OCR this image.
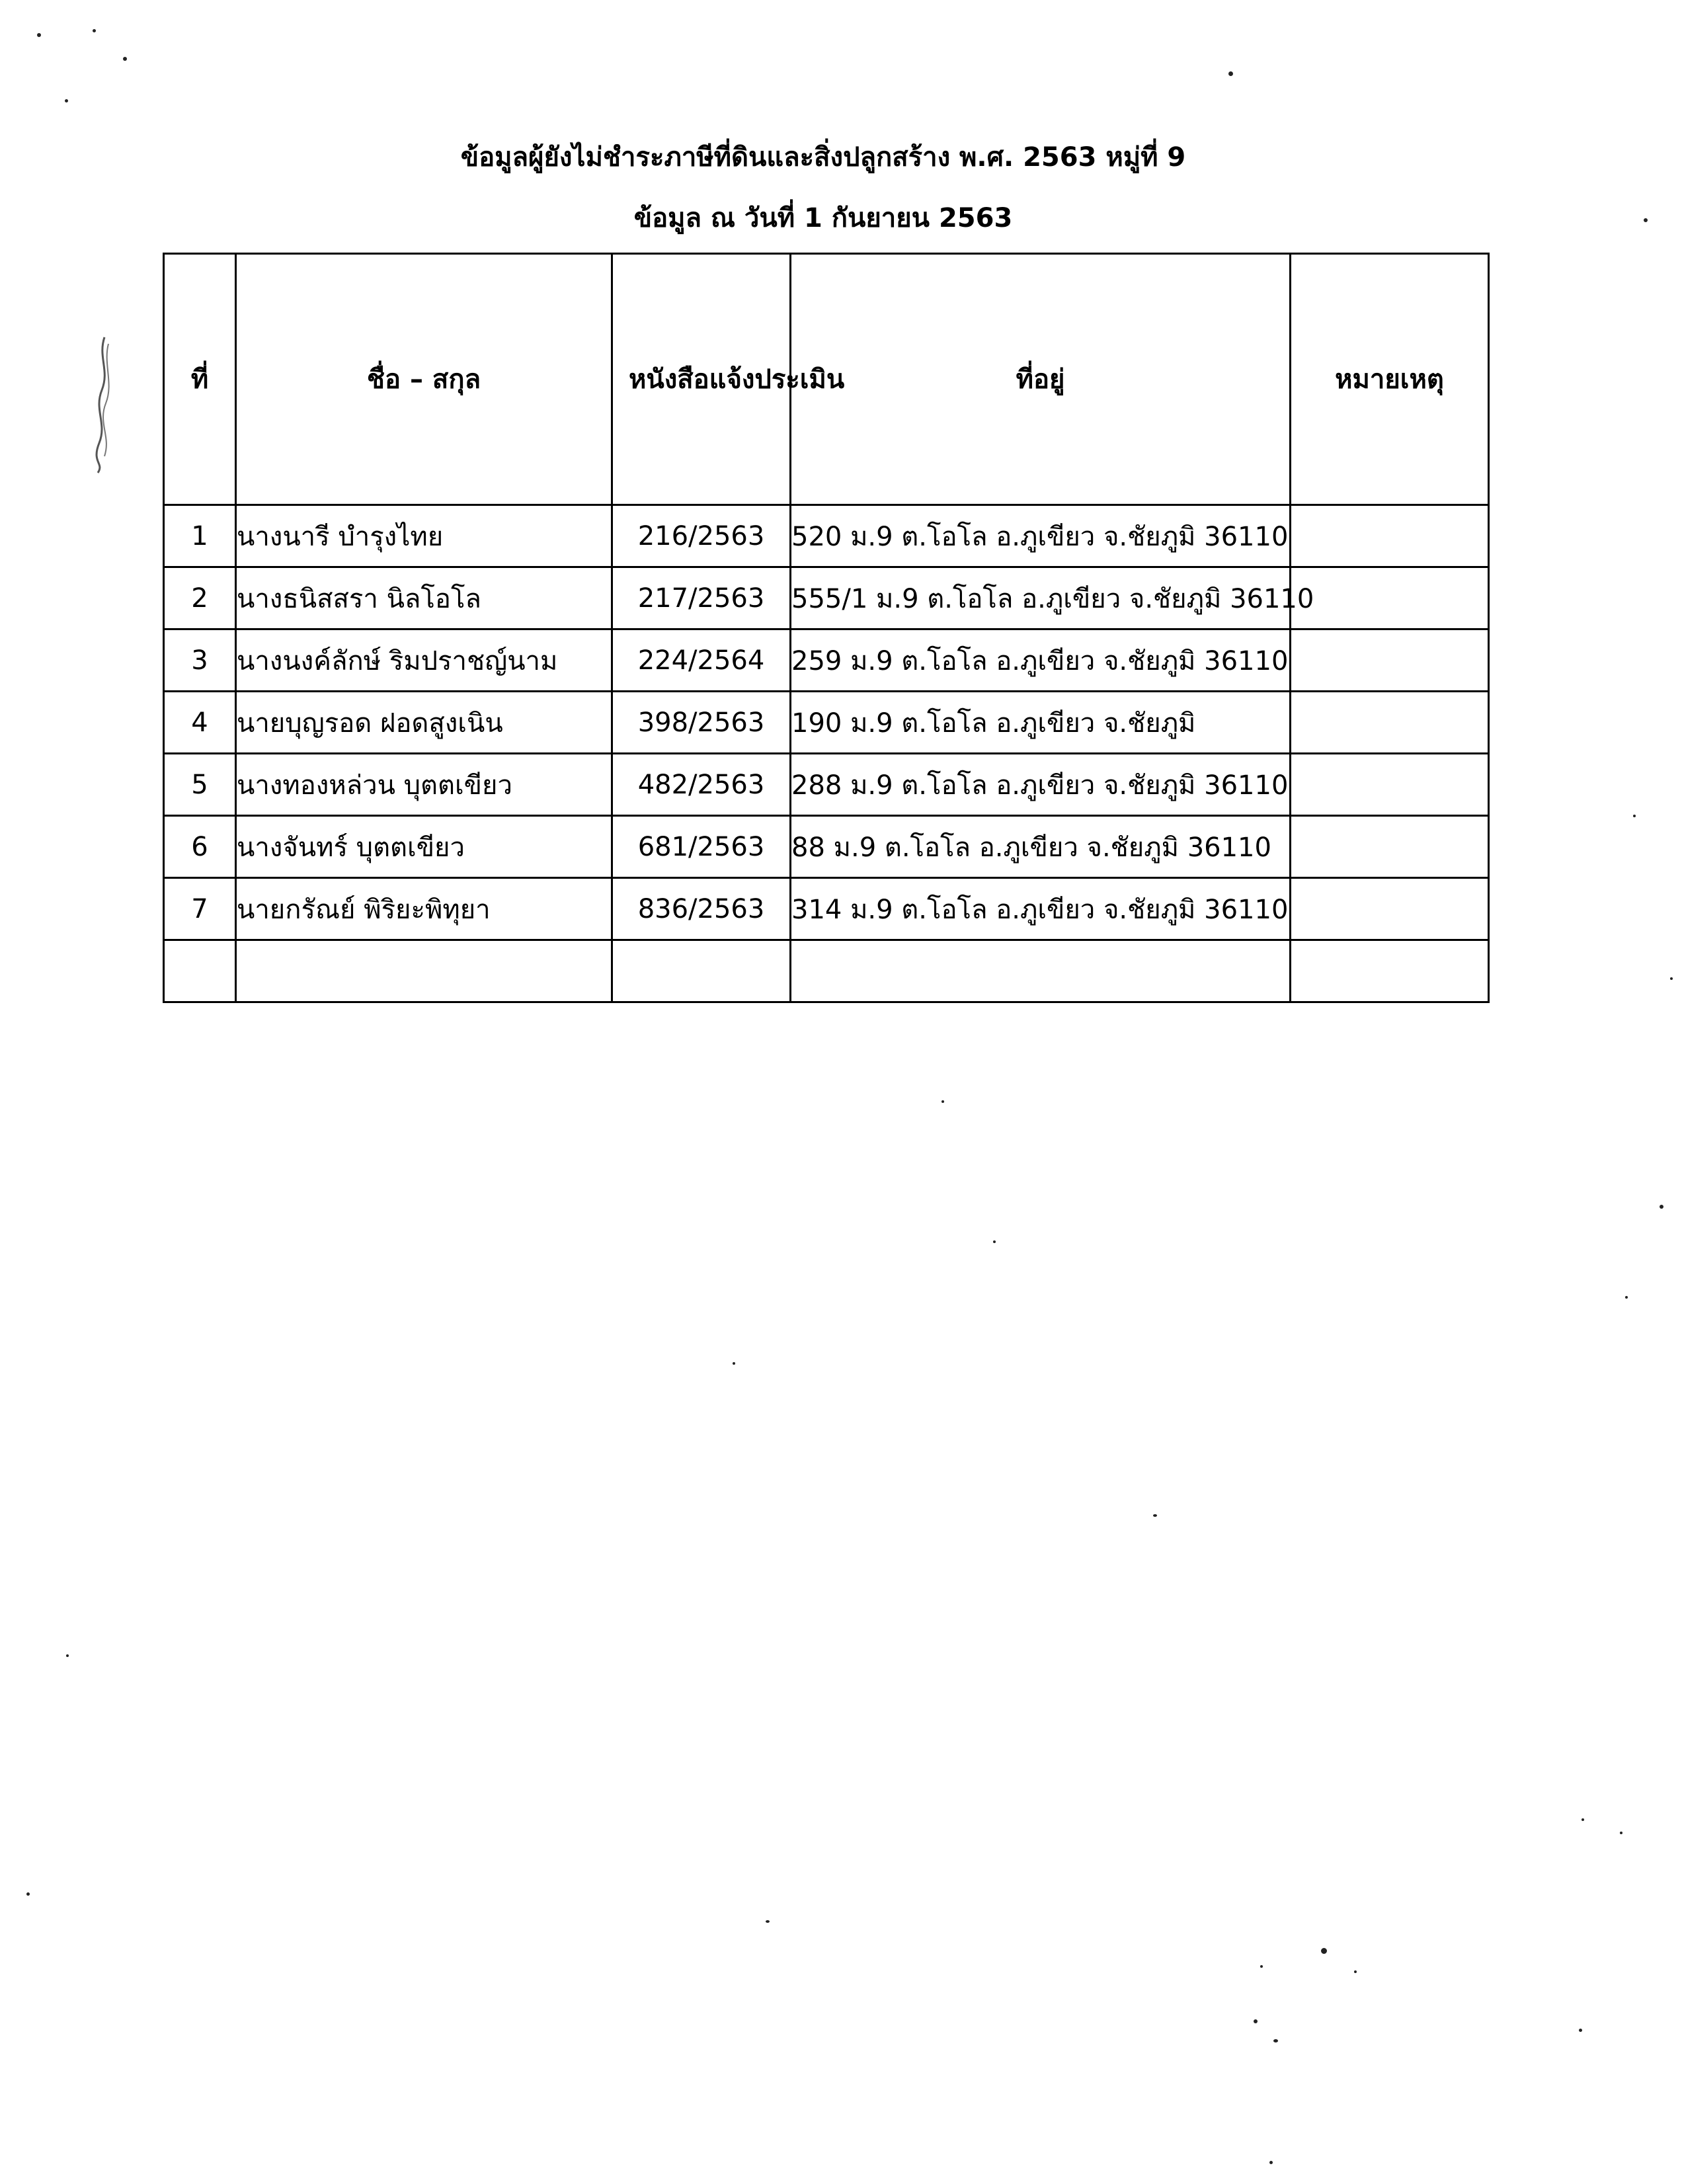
ข้อมูลผู้ยังไม่ชำระภาษีที่ดินและสิ่งปลูกสร้าง พ.ศ. 2563 หมู่ที่ 9
ข้อมูล ณ วันที่ 1 กันยายน 2563
ที่	ชื่อ – สกุล	หนังสือแจ้งประเมิน	ที่อยู่	หมายเหตุ
1	นางนารี บำรุงไทย	216/2563	520 ม.9 ต.โอโล อ.ภูเขียว จ.ชัยภูมิ 36110	
2	นางธนิสสรา นิลโอโล	217/2563	555/1 ม.9 ต.โอโล อ.ภูเขียว จ.ชัยภูมิ 36110	
3	นางนงค์ลักษ์ ริมปราชญ์นาม	224/2564	259 ม.9 ต.โอโล อ.ภูเขียว จ.ชัยภูมิ 36110	
4	นายบุญรอด ฝอดสูงเนิน	398/2563	190 ม.9 ต.โอโล อ.ภูเขียว จ.ชัยภูมิ	
5	นางทองหล่วน บุตตเขียว	482/2563	288 ม.9 ต.โอโล อ.ภูเขียว จ.ชัยภูมิ 36110	
6	นางจันทร์ บุตตเขียว	681/2563	88 ม.9 ต.โอโล อ.ภูเขียว จ.ชัยภูมิ 36110	
7	นายกรัณย์ พิริยะพิทุยา	836/2563	314 ม.9 ต.โอโล อ.ภูเขียว จ.ชัยภูมิ 36110	
